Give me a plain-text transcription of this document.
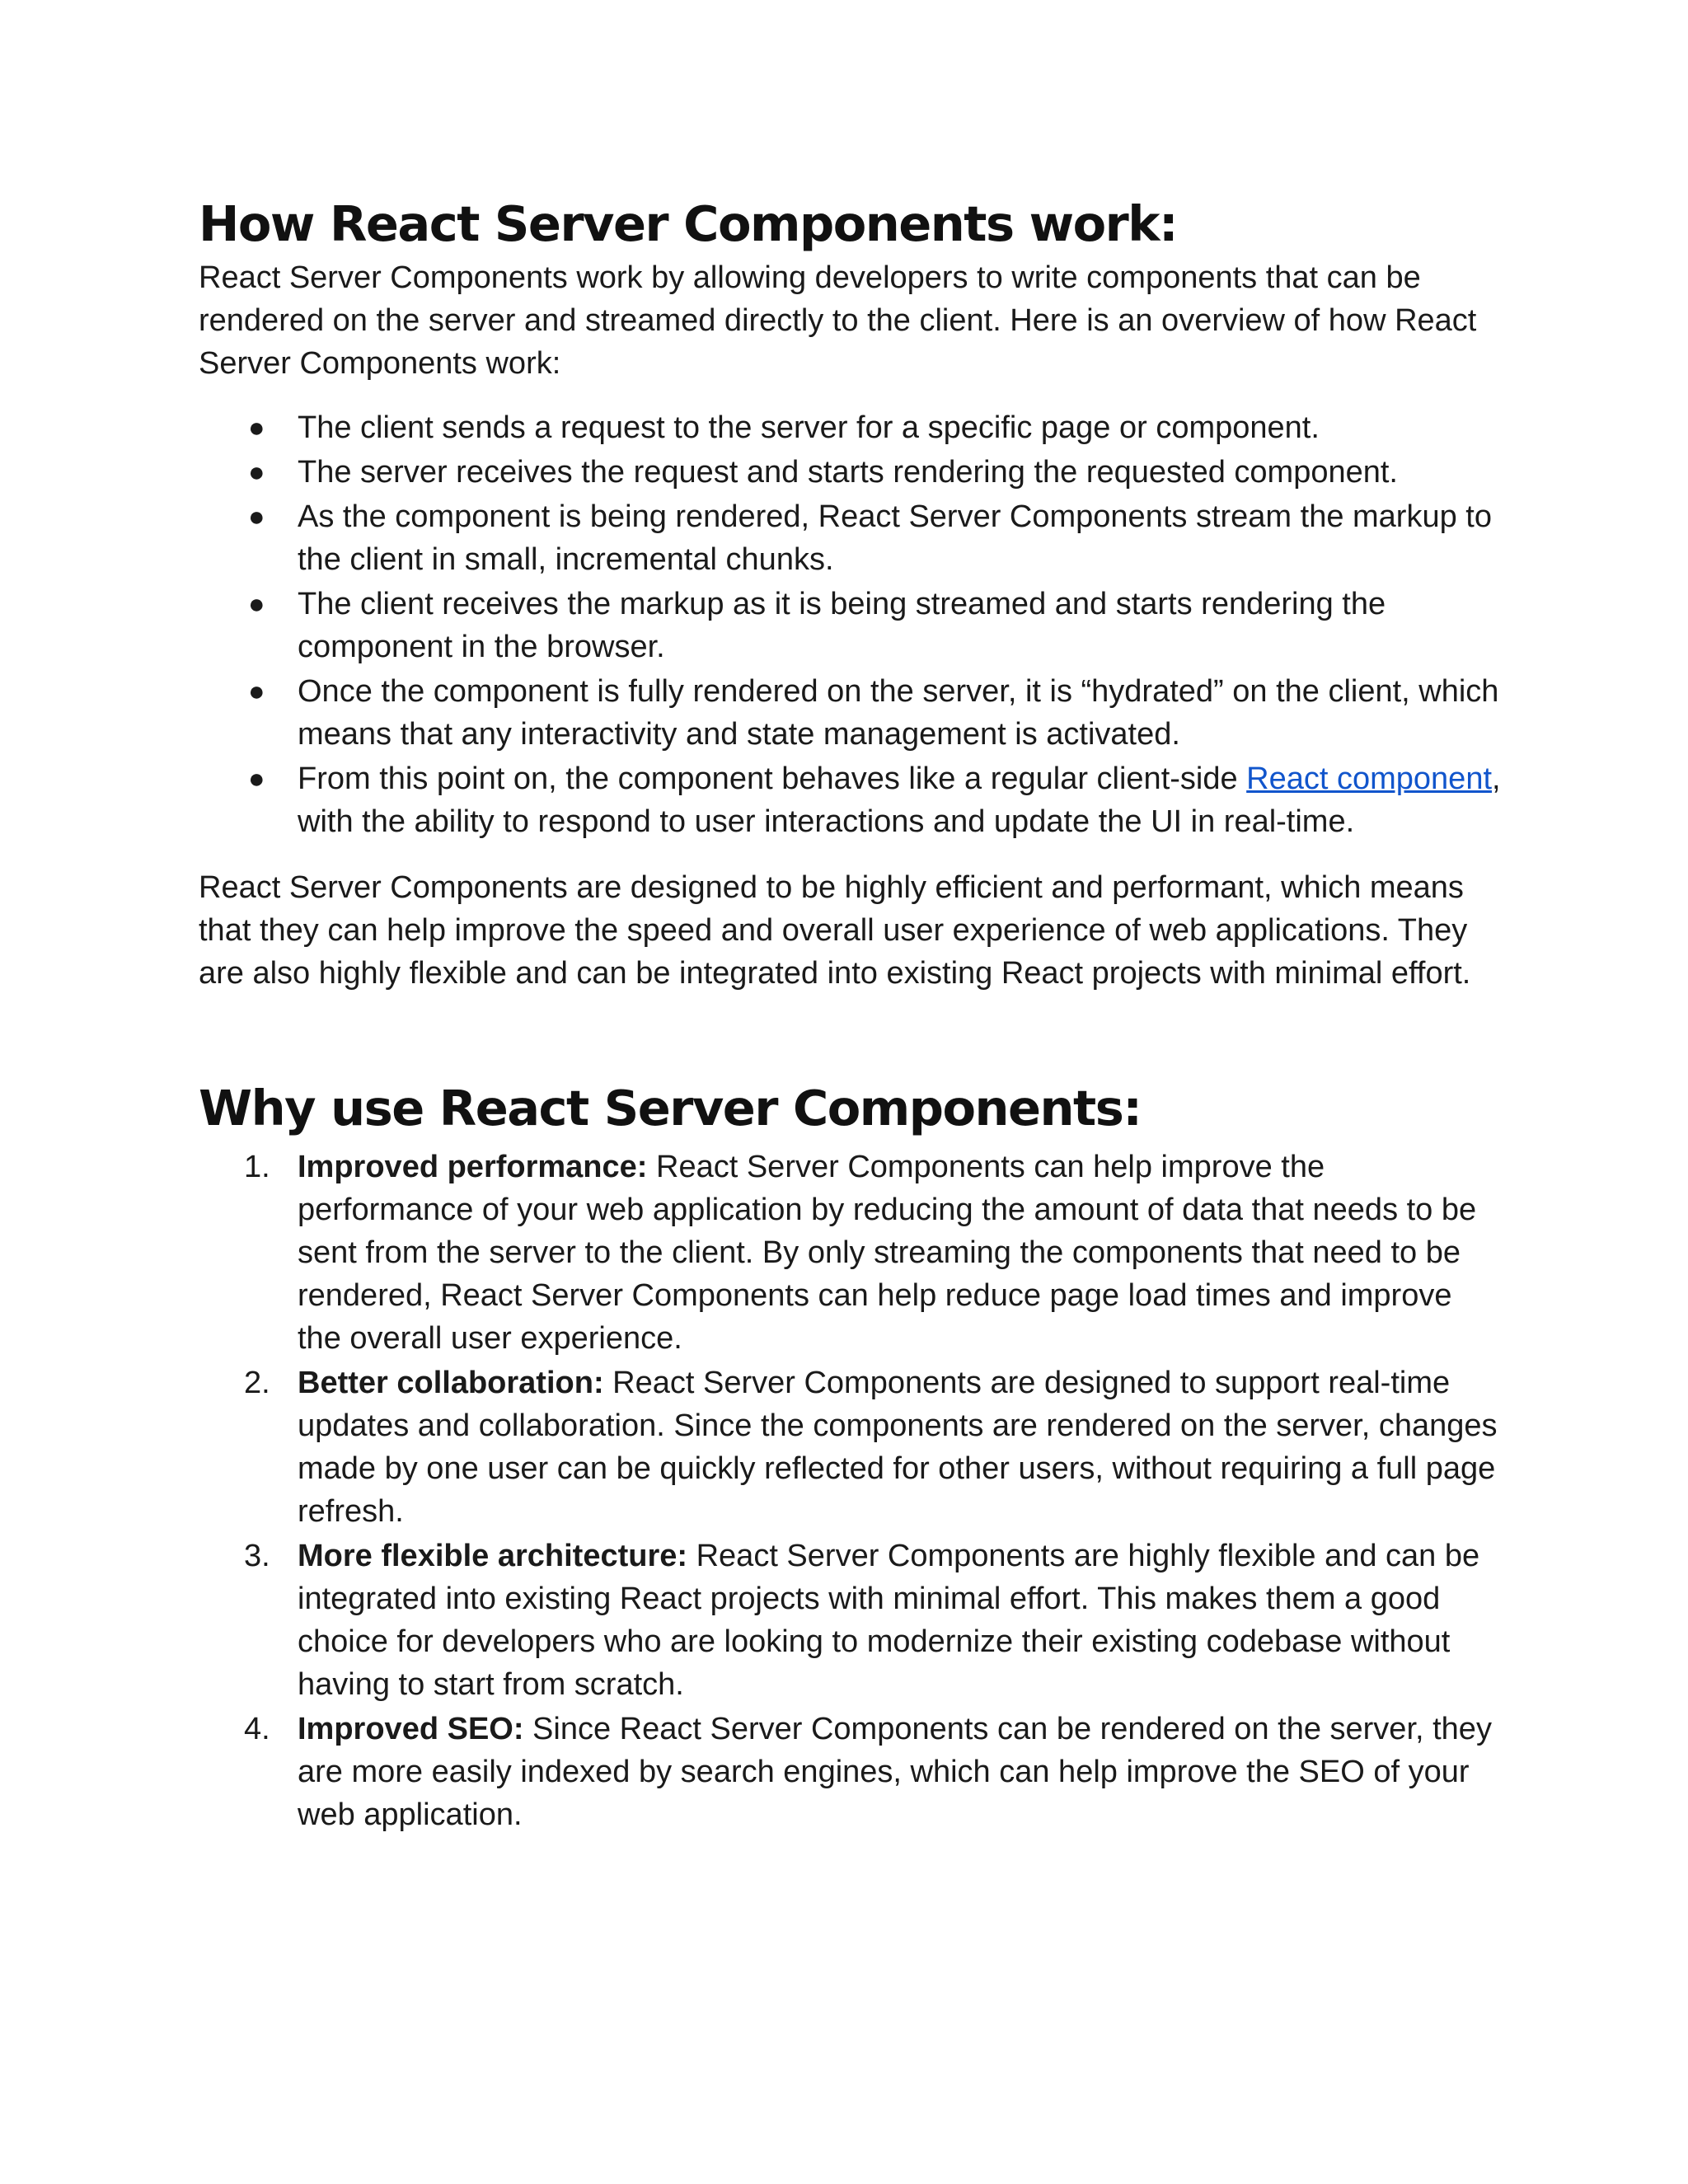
How React Server Components work:

React Server Components work by allowing developers to write components that can be rendered on the server and streamed directly to the client. Here is an overview of how React Server Components work:

● The client sends a request to the server for a specific page or component.
● The server receives the request and starts rendering the requested component.
● As the component is being rendered, React Server Components stream the markup to the client in small, incremental chunks.
● The client receives the markup as it is being streamed and starts rendering the component in the browser.
● Once the component is fully rendered on the server, it is “hydrated” on the client, which means that any interactivity and state management is activated.
● From this point on, the component behaves like a regular client-side React component, with the ability to respond to user interactions and update the UI in real-time.

React Server Components are designed to be highly efficient and performant, which means that they can help improve the speed and overall user experience of web applications. They are also highly flexible and can be integrated into existing React projects with minimal effort.

Why use React Server Components:
1. Improved performance: React Server Components can help improve the performance of your web application by reducing the amount of data that needs to be sent from the server to the client. By only streaming the components that need to be rendered, React Server Components can help reduce page load times and improve the overall user experience.
2. Better collaboration: React Server Components are designed to support real-time updates and collaboration. Since the components are rendered on the server, changes made by one user can be quickly reflected for other users, without requiring a full page refresh.
3. More flexible architecture: React Server Components are highly flexible and can be integrated into existing React projects with minimal effort. This makes them a good choice for developers who are looking to modernize their existing codebase without having to start from scratch.
4. Improved SEO: Since React Server Components can be rendered on the server, they are more easily indexed by search engines, which can help improve the SEO of your web application.
